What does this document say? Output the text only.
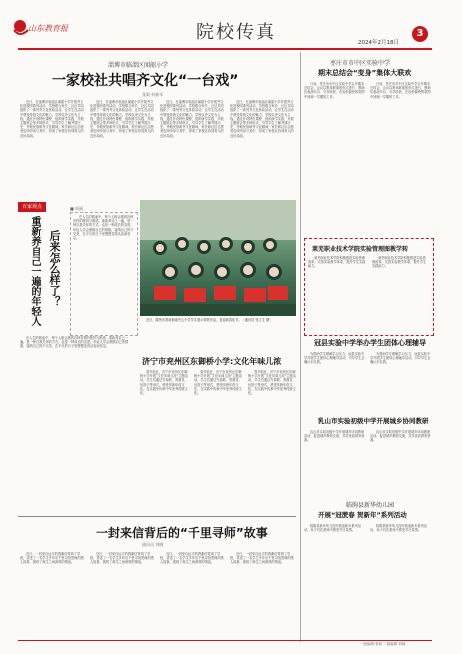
山东教育报	院校传真	2024年2月18日
3
淄博市临淄区闻韶小学
一家校社共唱齐文化“一台戏”
张莉 何新军

近日，在淄博市临淄区闻韶小学开展齐文化进校园系列活动，学校联合家长、社区共同组织了一系列齐文化体验活动，让学生在活动中感受传统文化的魅力。学校以齐文化为主线，通过开设特色课程、组织研学实践、开展主题班会等多种形式，引导学生了解齐国历史、齐地民俗和齐文化精神，家长和社区志愿者也纷纷参与其中，形成了家校社协同育人的良好局面。

近日，在淄博市临淄区闻韶小学开展齐文化进校园系列活动，学校联合家长、社区共同组织了一系列齐文化体验活动，让学生在活动中感受传统文化的魅力。学校以齐文化为主线，通过开设特色课程、组织研学实践、开展主题班会等多种形式，引导学生了解齐国历史、齐地民俗和齐文化精神，家长和社区志愿者也纷纷参与其中，形成了家校社协同育人的良好局面。

近日，在淄博市临淄区闻韶小学开展齐文化进校园系列活动，学校联合家长、社区共同组织了一系列齐文化体验活动，让学生在活动中感受传统文化的魅力。学校以齐文化为主线，通过开设特色课程、组织研学实践、开展主题班会等多种形式，引导学生了解齐国历史、齐地民俗和齐文化精神，家长和社区志愿者也纷纷参与其中，形成了家校社协同育人的良好局面。

近日，在淄博市临淄区闻韶小学开展齐文化进校园系列活动，学校联合家长、社区共同组织了一系列齐文化体验活动，让学生在活动中感受传统文化的魅力。学校以齐文化为主线，通过开设特色课程、组织研学实践、开展主题班会等多种形式，引导学生了解齐国历史、齐地民俗和齐文化精神，家长和社区志愿者也纷纷参与其中，形成了家校社协同育人的良好局面。

百家观点
后来怎么样了？
重新养自己一遍的年轻人
■ 周丽

在人生的旅途中，每个人都会遇到各种各样的挫折与困惑。重新养自己一遍，是一种自我关怀的方式，也是一种成长的态度。年轻人学会照顾自己的情绪，接纳自己的不完美，在平凡的日子里慢慢变得从容而坚定。

在人生的旅途中，每个人都会遇到各种各样的挫折与困惑。重新养自己一遍，是一种自我关怀的方式，也是一种成长的态度。年轻人学会照顾自己的情绪，接纳自己的不完美，在平凡的日子里慢慢变得从容而坚定。

近日，滕州市善南街道中心小学学生展示剪纸作品，喜迎新春佳节。（通讯员 张立生 摄）

济宁市兖州区东御桥小学:文化年味儿浓

春节临近，济宁市兖州区东御桥小学开展“文化年味儿浓”主题活动，学生们通过写春联、剪窗花、包饺子等形式，感受传统年俗文化，在实践中传承中华优秀传统文化。

春节临近，济宁市兖州区东御桥小学开展“文化年味儿浓”主题活动，学生们通过写春联、剪窗花、包饺子等形式，感受传统年俗文化，在实践中传承中华优秀传统文化。

春节临近，济宁市兖州区东御桥小学开展“文化年味儿浓”主题活动，学生们通过写春联、剪窗花、包饺子等形式，感受传统年俗文化，在实践中传承中华优秀传统文化。

一封来信背后的“千里寻师”故事
通讯员 刘晓

近日，一封来自远方的感谢信寄到了学校，讲述了一名学生多年后千里寻找恩师的感人故事，展现了师生之间深厚的情谊。

近日，一封来自远方的感谢信寄到了学校，讲述了一名学生多年后千里寻找恩师的感人故事，展现了师生之间深厚的情谊。

近日，一封来自远方的感谢信寄到了学校，讲述了一名学生多年后千里寻找恩师的感人故事，展现了师生之间深厚的情谊。

近日，一封来自远方的感谢信寄到了学校，讲述了一名学生多年后千里寻找恩师的感人故事，展现了师生之间深厚的情谊。

枣庄市市中区实验中学
期末总结会“变身”集体大联欢

日前，枣庄市市中区实验中学召开期末总结会，会议以集体联欢的形式进行，教师们表演节目、分享收获，在轻松愉快的氛围中回顾一学期的工作。

日前，枣庄市市中区实验中学召开期末总结会，会议以集体联欢的形式进行，教师们表演节目、分享收获，在轻松愉快的氛围中回顾一学期的工作。

莱芜职业技术学院实验管理图教学转

莱芜职业技术学院积极推进实验管理改革，完善实验教学体系，提升学生实践能力。

莱芜职业技术学院积极推进实验管理改革，完善实验教学体系，提升学生实践能力。

冠县实验中学举办学生团体心理辅导

为帮助学生缓解学习压力，冠县实验中学开展学生团体心理辅导活动，引导学生正确认识自我。

为帮助学生缓解学习压力，冠县实验中学开展学生团体心理辅导活动，引导学生正确认识自我。

乳山市实验初级中学开展城乡协同教研

乳山市实验初级中学开展城乡协同教研活动，促进城乡教师交流，共享优质教育资源。

乳山市实验初级中学开展城乡协同教研活动，促进城乡教师交流，共享优质教育资源。

临朐县新华幼儿园
开展“冠蔗春 贺新年”系列活动

临朐县新华幼儿园开展迎新年系列活动，孩子们在游戏中感受节日氛围。

临朐县新华幼儿园开展迎新年系列活动，孩子们在游戏中感受节日氛围。

一版编辑 张跃 二版编辑 刘晓
